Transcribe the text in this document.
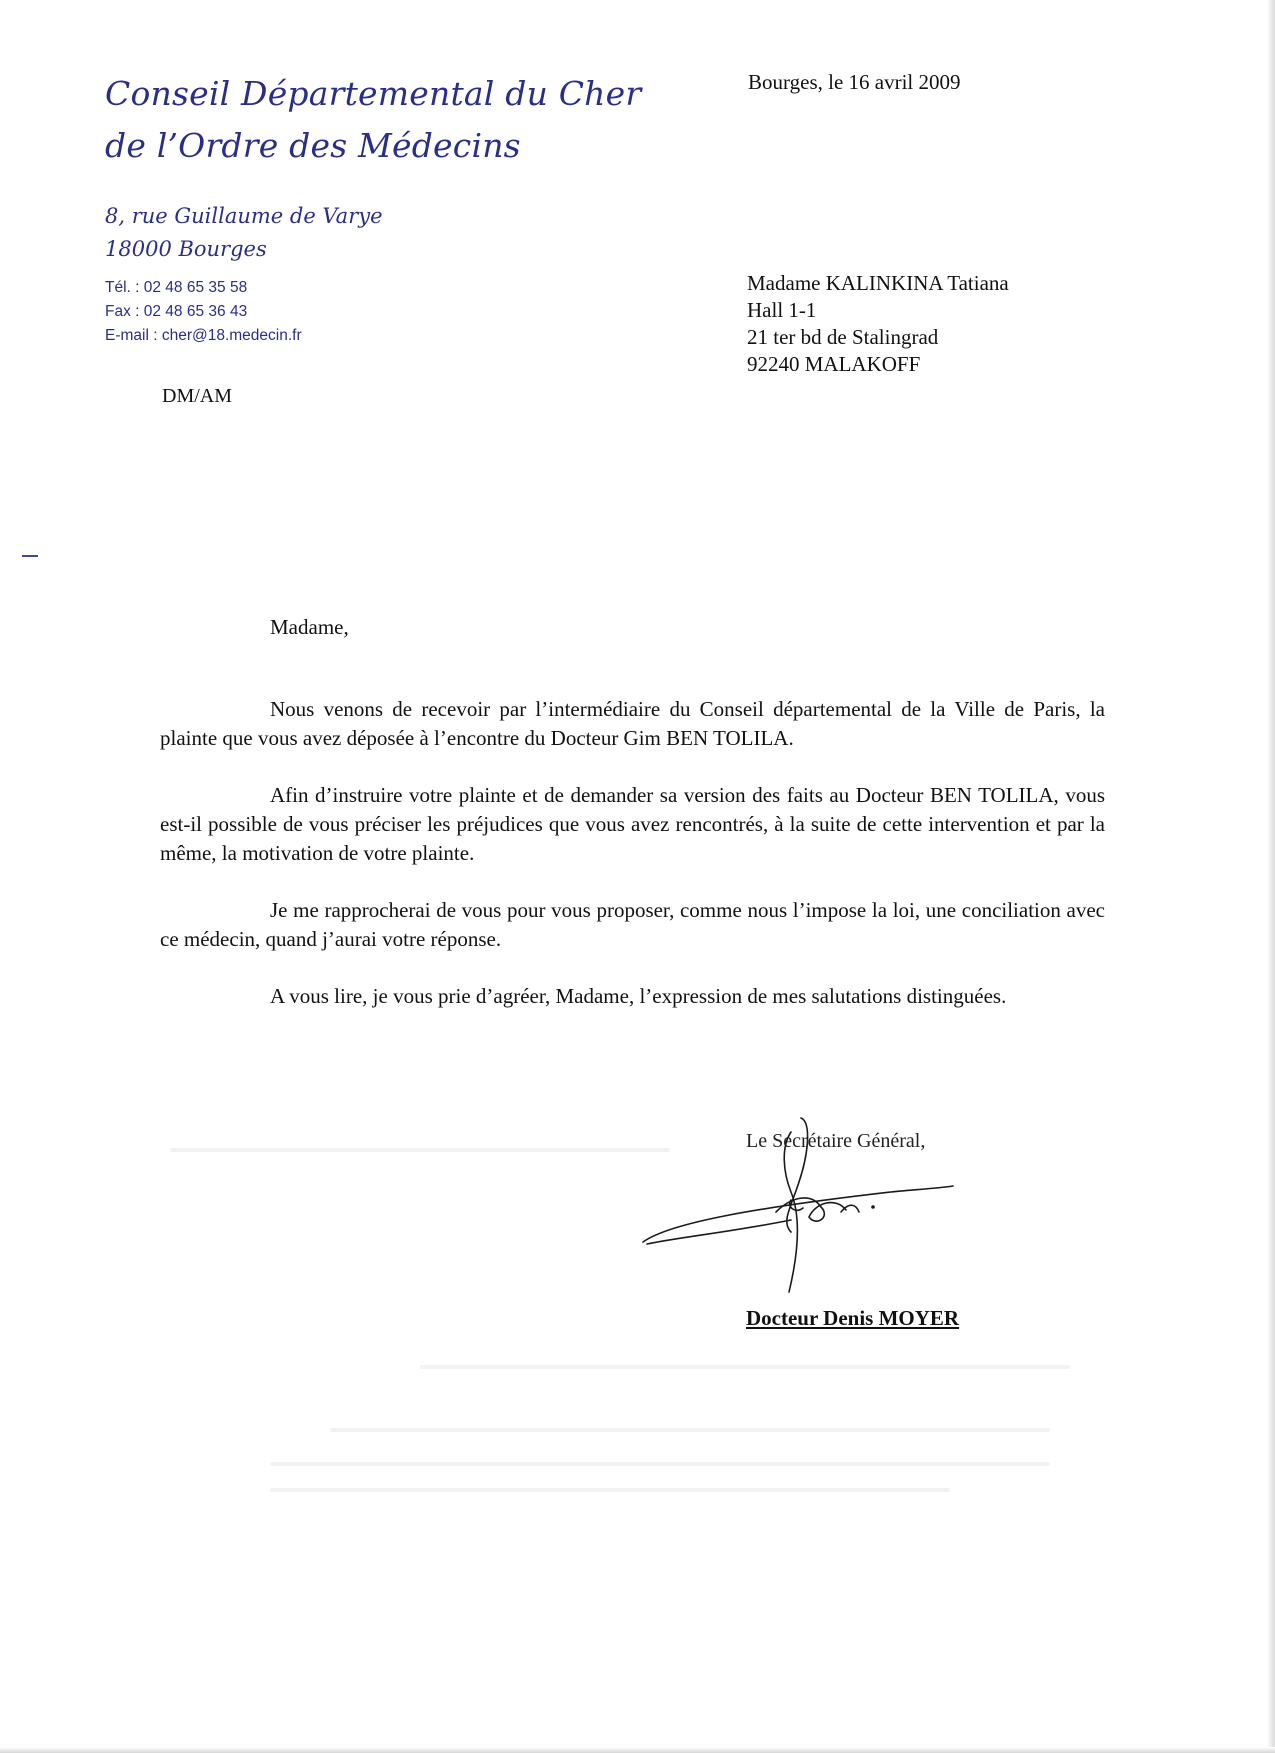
Conseil Départemental du Cher
de l’Ordre des Médecins
8, rue Guillaume de Varye
18000 Bourges
Tél. : 02 48 65 35 58
Fax : 02 48 65 36 43
E-mail : cher@18.medecin.fr
Bourges, le 16 avril 2009
Madame KALINKINA Tatiana
Hall 1-1
21 ter bd de Stalingrad
92240 MALAKOFF
DM/AM
Madame,

Nous venons de recevoir par l’intermédiaire du Conseil départemental de la Ville de Paris, la plainte que vous avez déposée à l’encontre du Docteur Gim BEN TOLILA.

Afin d’instruire votre plainte et de demander sa version des faits au Docteur BEN TOLILA, vous est-il possible de vous préciser les préjudices que vous avez rencontrés, à la suite de cette intervention et par la même, la motivation de votre plainte.

Je me rapprocherai de vous pour vous proposer, comme nous l’impose la loi, une conciliation avec ce médecin, quand j’aurai votre réponse.

A vous lire, je vous prie d’agréer, Madame, l’expression de mes salutations distinguées.

Le Secrétaire Général,
Docteur Denis MOYER
